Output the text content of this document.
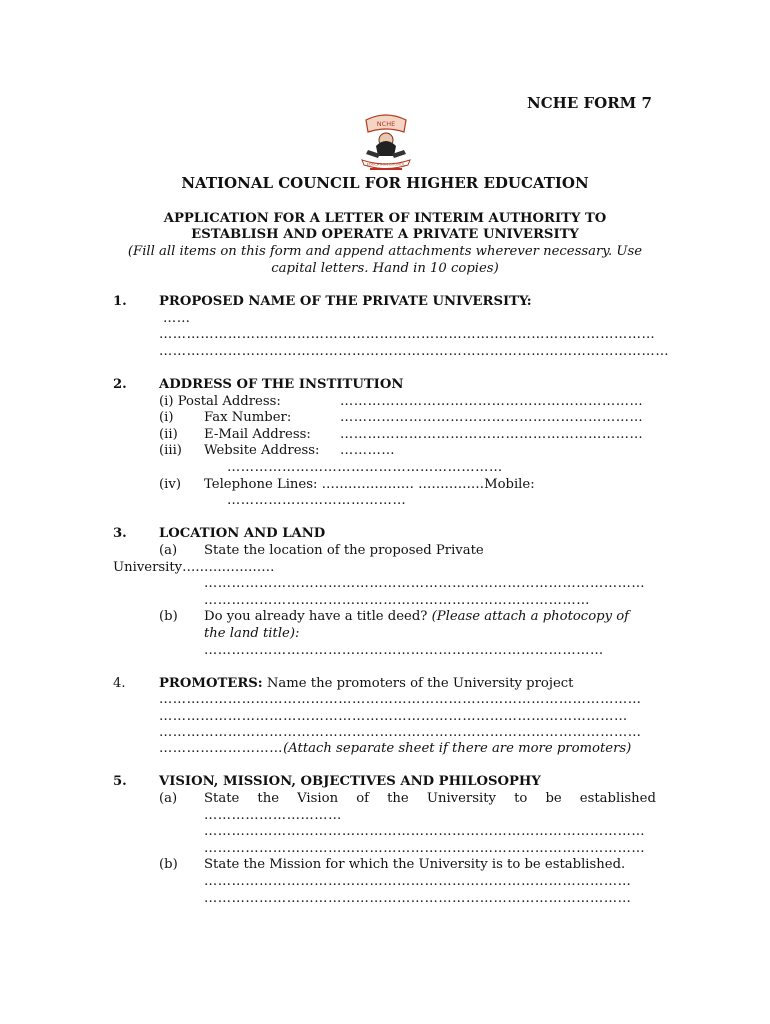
NCHE FORM 7
NCHE
EDUCATION COUNCIL
NATIONAL COUNCIL FOR HIGHER EDUCATION
APPLICATION FOR A LETTER OF INTERIM AUTHORITY TO
ESTABLISH AND OPERATE A PRIVATE UNIVERSITY
(Fill all items on this form and append attachments wherever necessary. Use
capital letters. Hand in 10 copies)
1. PROPOSED NAME OF THE PRIVATE UNIVERSITY:
……
………………………………………………………………………………………………
…………………………………………………………………………………………………
2. ADDRESS OF THE INSTITUTION
(i) Postal Address:	…………………………………………………………
(i) Fax Number:	…………………………………………………………
(ii) E-Mail Address: …………………………………………………………
(iii) Website Address: …………
……………………………………………………
(iv) Telephone Lines: ………………… ……………Mobile:
…………………………………
3. LOCATION AND LAND
(a) State the location of the proposed Private
University…………………
……………………………………………………………………………………
…………………………………………………………………………
(b) Do you already have a title deed? (Please attach a photocopy of
the land title):
……………………………………………………………………………
4.	PROMOTERS: Name the promoters of the University project
……………………………………………………………………………………………
…………………………………………………………………………………………
……………………………………………………………………………………………
………………………(Attach separate sheet if there are more promoters)
5. VISION, MISSION, OBJECTIVES AND PHILOSOPHY
(a) State the Vision of the University to be established
…………………………
……………………………………………………………………………………
……………………………………………………………………………………
(b) State the Mission for which the University is to be established.
…………………………………………………………………………………
…………………………………………………………………………………
